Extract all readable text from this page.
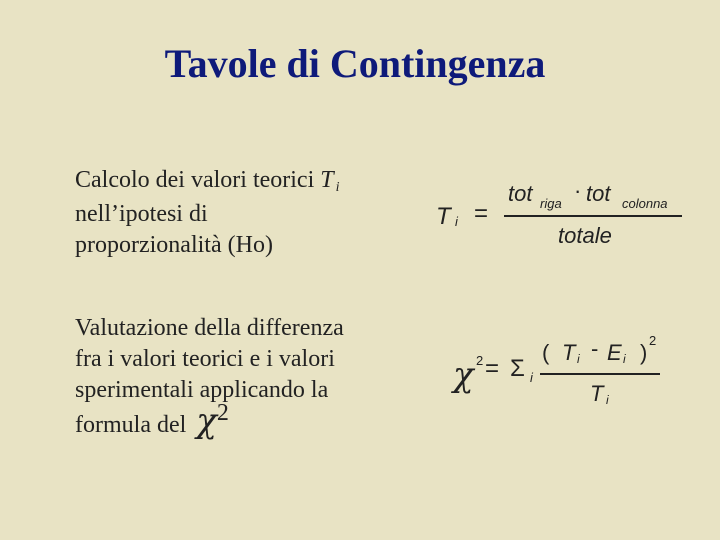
Tavole di Contingenza
Calcolo dei valori teorici T i
nell’ipotesi di
proporzionalità (Ho)
Valutazione della differenza
fra i valori teorici e i valori
sperimentali applicando la
formula del χ2
T i =
tot riga
· tot colonna
totale
χ 2 = Σ i
( T i - E i ) 2
T i
